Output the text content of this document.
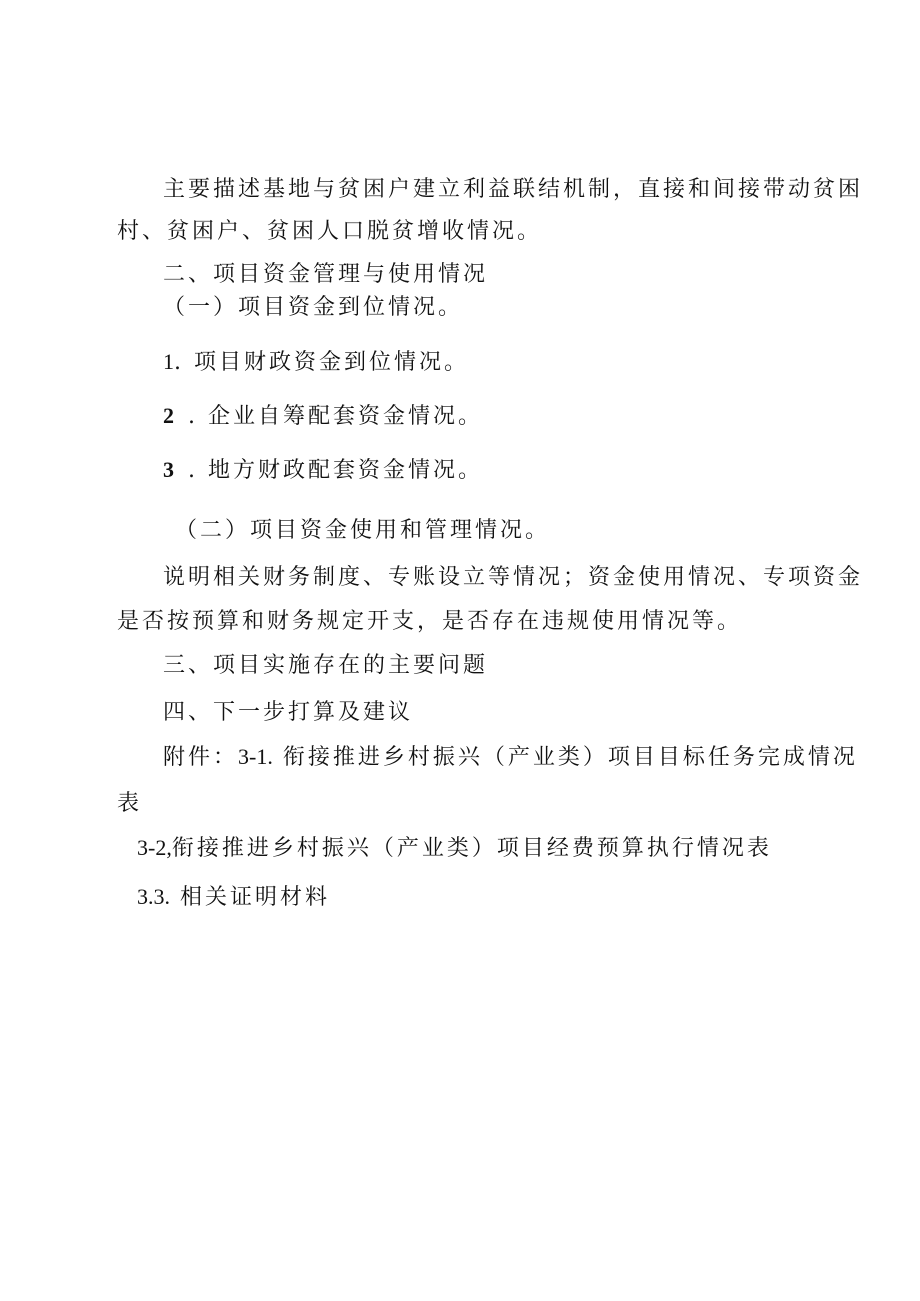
主要描述基地与贫困户建立利益联结机制，直接和间接带动贫困
村、贫困户、贫困人口脱贫增收情况。
二、项目资金管理与使用情况
（一）项目资金到位情况。
1. 项目财政资金到位情况。
2 . 企业自筹配套资金情况。
3 . 地方财政配套资金情况。
（二）项目资金使用和管理情况。
说明相关财务制度、专账设立等情况；资金使用情况、专项资金
是否按预算和财务规定开支，是否存在违规使用情况等。
三、项目实施存在的主要问题
四、下一步打算及建议
附件：3-1. 衔接推进乡村振兴（产业类）项目目标任务完成情况
表
3-2,衔接推进乡村振兴（产业类）项目经费预算执行情况表
3.3. 相关证明材料
